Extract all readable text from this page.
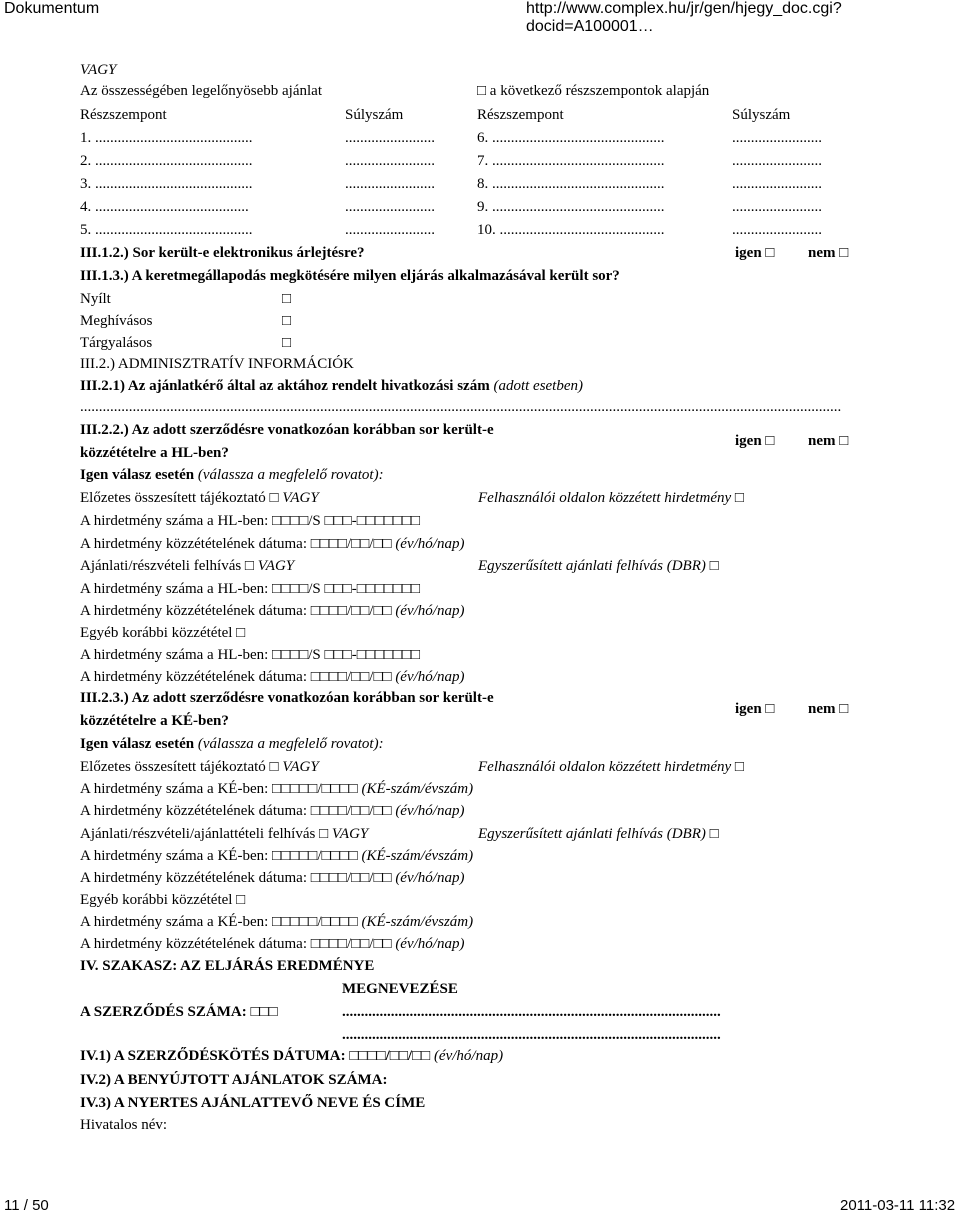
Dokumentum	http://www.complex.hu/jr/gen/hjegy_doc.cgi?docid=A100001…
VAGY
Az összességében legelőnyösebb ajánlat	□ a következő részszempontok alapján
Részszempont	Súlyszám	Részszempont	Súlyszám
1. ..........................................	........................	6. ..............................................	........................
2. ..........................................	........................	7. ..............................................	........................
3. ..........................................	........................	8. ..............................................	........................
4. .........................................	........................	9. ..............................................	........................
5. ..........................................	........................	10. ............................................	........................
III.1.2.) Sor került-e elektronikus árlejtésre?	igen □ nem □
III.1.3.) A keretmegállapodás megkötésére milyen eljárás alkalmazásával került sor?
Nyílt	□
Meghívásos	□
Tárgyalásos	□
III.2.) ADMINISZTRATÍV INFORMÁCIÓK
III.2.1) Az ajánlatkérő által az aktához rendelt hivatkozási szám (adott esetben)
...........................................................................................................................................................................................................
III.2.2.) Az adott szerződésre vonatkozóan korábban sor került-e
közzétételre a HL-ben?
igen □ nem □
Igen válasz esetén (válassza a megfelelő rovatot):
Előzetes összesített tájékoztató □ VAGY	Felhasználói oldalon közzétett hirdetmény □
A hirdetmény száma a HL-ben: □□□□/S □□□-□□□□□□□
A hirdetmény közzétételének dátuma: □□□□/□□/□□ (év/hó/nap)
Ajánlati/részvételi felhívás □ VAGY	Egyszerűsített ajánlati felhívás (DBR) □
A hirdetmény száma a HL-ben: □□□□/S □□□-□□□□□□□
A hirdetmény közzétételének dátuma: □□□□/□□/□□ (év/hó/nap)
Egyéb korábbi közzététel □
A hirdetmény száma a HL-ben: □□□□/S □□□-□□□□□□□
A hirdetmény közzétételének dátuma: □□□□/□□/□□ (év/hó/nap)
III.2.3.) Az adott szerződésre vonatkozóan korábban sor került-e
közzétételre a KÉ-ben?
igen □ nem □
Igen válasz esetén (válassza a megfelelő rovatot):
Előzetes összesített tájékoztató □ VAGY	Felhasználói oldalon közzétett hirdetmény □
A hirdetmény száma a KÉ-ben: □□□□□/□□□□ (KÉ-szám/évszám)
A hirdetmény közzétételének dátuma: □□□□/□□/□□ (év/hó/nap)
Ajánlati/részvételi/ajánlattételi felhívás □ VAGY	Egyszerűsített ajánlati felhívás (DBR) □
A hirdetmény száma a KÉ-ben: □□□□□/□□□□ (KÉ-szám/évszám)
A hirdetmény közzétételének dátuma: □□□□/□□/□□ (év/hó/nap)
Egyéb korábbi közzététel □
A hirdetmény száma a KÉ-ben: □□□□□/□□□□ (KÉ-szám/évszám)
A hirdetmény közzétételének dátuma: □□□□/□□/□□ (év/hó/nap)
IV. SZAKASZ: AZ ELJÁRÁS EREDMÉNYE
MEGNEVEZÉSE
A SZERZŐDÉS SZÁMA: □□□	.....................................................................................................
.....................................................................................................
IV.1) A SZERZŐDÉSKÖTÉS DÁTUMA: □□□□/□□/□□ (év/hó/nap)
IV.2) A BENYÚJTOTT AJÁNLATOK SZÁMA:
IV.3) A NYERTES AJÁNLATTEVŐ NEVE ÉS CÍME
Hivatalos név:
11 / 50	2011-03-11 11:32
